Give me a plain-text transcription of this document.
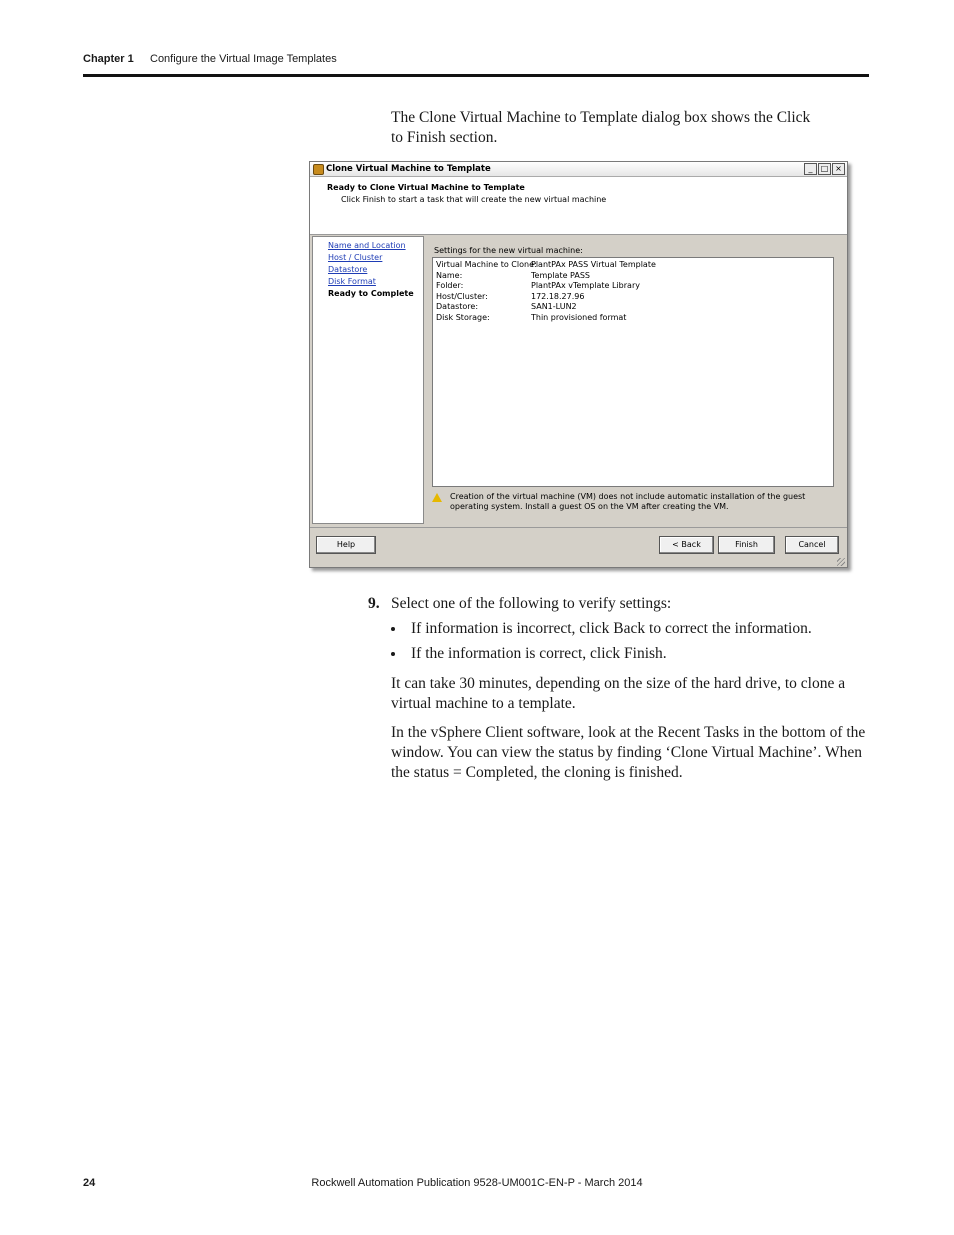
Chapter 1 Configure the Virtual Image Templates
The Clone Virtual Machine to Template dialog box shows the Click to Finish section.
Clone Virtual Machine to Template	_	□ ×
Ready to Clone Virtual Machine to Template
Click Finish to start a task that will create the new virtual machine
Name and Location
Host / Cluster
Datastore
Disk Format
Ready to Complete
Settings for the new virtual machine:
Virtual Machine to Clone:PlantPAx PASS Virtual Template
Name:	Template PASS
Folder:	PlantPAx vTemplate Library
Host/Cluster:	172.18.27.96
Datastore:	SAN1-LUN2
Disk Storage:	Thin provisioned format
Creation of the virtual machine (VM) does not include automatic installation of the guest operating system. Install a guest OS on the VM after creating the VM.
Help	< Back	Finish	Cancel
9. Select one of the following to verify settings:
If information is incorrect, click Back to correct the information.
If the information is correct, click Finish.
It can take 30 minutes, depending on the size of the hard drive, to clone a virtual machine to a template.
In the vSphere Client software, look at the Recent Tasks in the bottom of the window. You can view the status by finding ‘Clone Virtual Machine’. When the status = Completed, the cloning is finished.
24	Rockwell Automation Publication 9528-UM001C-EN-P - March 2014
